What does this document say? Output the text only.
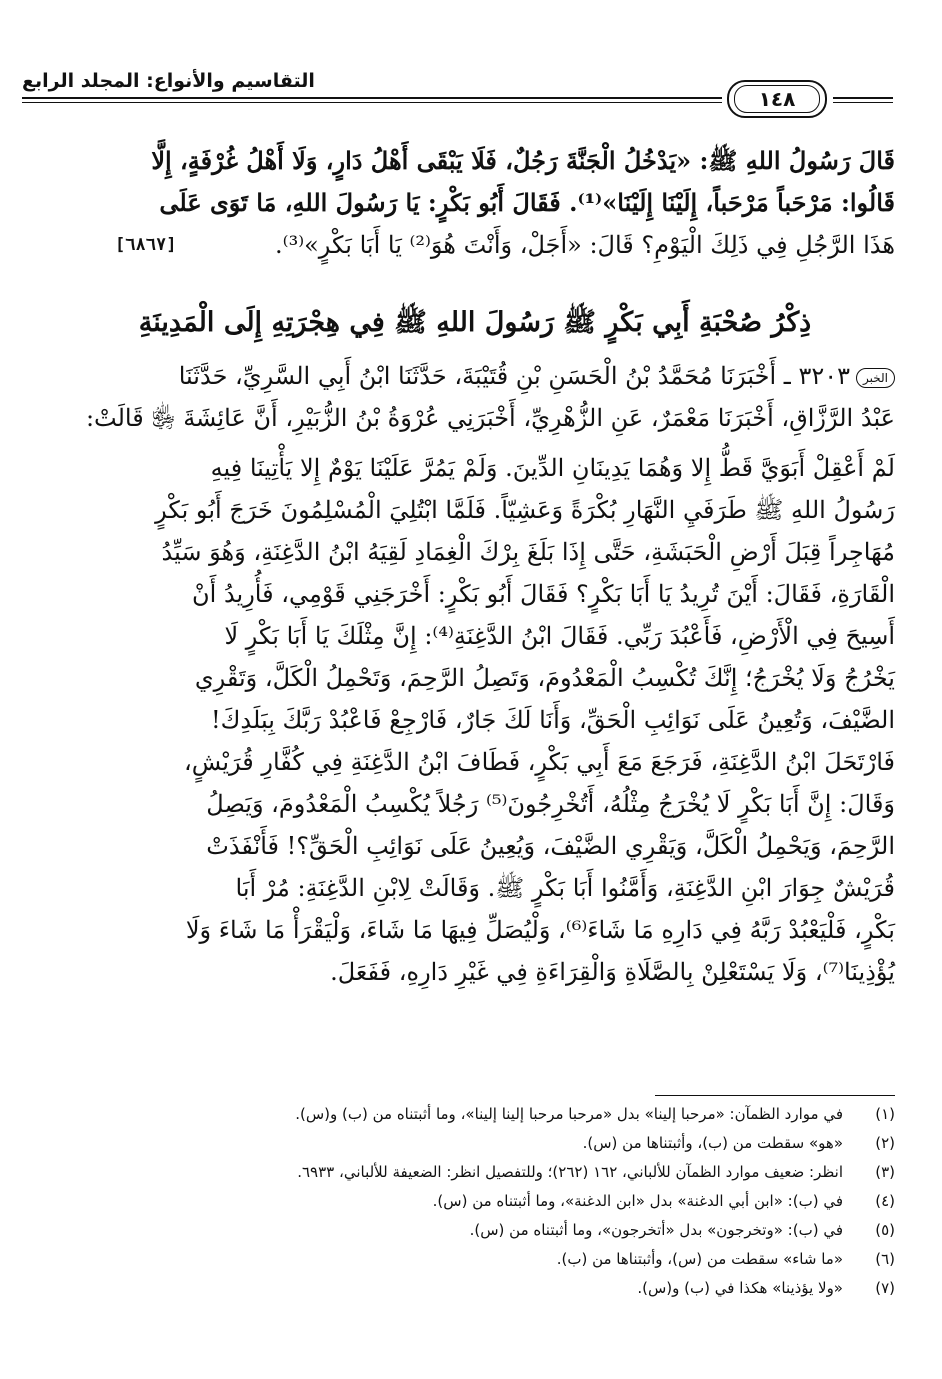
التقاسيم والأنواع: المجلد الرابع
١٤٨
قَالَ رَسُولُ اللهِ ﷺ: «يَدْخُلُ الْجَنَّةَ رَجُلٌ، فَلَا يَبْقَى أَهْلُ دَارٍ، وَلَا أَهْلُ غُرْفَةٍ، إِلَّا
قَالُوا: مَرْحَباً مَرْحَباً، إِلَيْنَا إِلَيْنَا»⁽¹⁾. فَقَالَ أَبُو بَكْرٍ: يَا رَسُولَ اللهِ، مَا تَوَى عَلَى
هَذَا الرَّجُلِ فِي ذَلِكَ الْيَوْمِ؟ قَالَ: «أَجَلْ، وَأَنْتَ هُوَ⁽²⁾ يَا أَبَا بَكْرٍ»⁽³⁾.
[٦٨٦٧]
ذِكْرُ صُحْبَةِ أَبِي بَكْرٍ ﷺ رَسُولَ اللهِ ﷺ فِي هِجْرَتِهِ إِلَى الْمَدِينَةِ
الخبر٣٢٠٣ ـ أَخْبَرَنَا مُحَمَّدُ بْنُ الْحَسَنِ بْنِ قُتَيْبَةَ، حَدَّثَنَا ابْنُ أَبِي السَّرِيِّ، حَدَّثَنَا
عَبْدُ الرَّزَّاقِ، أَخْبَرَنَا مَعْمَرٌ، عَنِ الزُّهْرِيِّ، أَخْبَرَنِي عُرْوَةُ بْنُ الزُّبَيْرِ، أَنَّ عَائِشَةَ ﵂ قَالَتْ:
لَمْ أَعْقِلْ أَبَوَيَّ قَطُّ إِلا وَهُمَا يَدِينَانِ الدِّينَ. وَلَمْ يَمُرَّ عَلَيْنَا يَوْمٌ إِلا يَأْتِينَا فِيهِ
رَسُولُ اللهِ ﷺ طَرَفَيِ النَّهَارِ بُكْرَةً وَعَشِيّاً. فَلَمَّا ابْتُلِيَ الْمُسْلِمُونَ خَرَجَ أَبُو بَكْرٍ
مُهَاجِراً قِبَلَ أَرْضِ الْحَبَشَةِ، حَتَّى إِذَا بَلَغَ بِرْكَ الْغِمَادِ لَقِيَهُ ابْنُ الدَّغِنَةِ، وَهُوَ سَيِّدُ
الْقَارَةِ، فَقَالَ: أَيْنَ تُرِيدُ يَا أَبَا بَكْرٍ؟ فَقَالَ أَبُو بَكْرٍ: أَخْرَجَنِي قَوْمِي، فَأُرِيدُ أَنْ
أَسِيحَ فِي الْأَرْضِ، فَأَعْبُدَ رَبِّي. فَقَالَ ابْنُ الدَّغِنَةِ⁽⁴⁾: إِنَّ مِثْلَكَ يَا أَبَا بَكْرٍ لَا
يَخْرُجُ وَلَا يُخْرَجُ؛ إِنَّكَ تُكْسِبُ الْمَعْدُومَ، وَتَصِلُ الرَّحِمَ، وَتَحْمِلُ الْكَلَّ، وَتَقْرِي
الضَّيْفَ، وَتُعِينُ عَلَى نَوَائِبِ الْحَقِّ، وَأَنَا لَكَ جَارٌ، فَارْجِعْ فَاعْبُدْ رَبَّكَ بِبَلَدِكَ!
فَارْتَحَلَ ابْنُ الدَّغِنَةِ، فَرَجَعَ مَعَ أَبِي بَكْرٍ، فَطَافَ ابْنُ الدَّغِنَةِ فِي كُفَّارِ قُرَيْشٍ،
وَقَالَ: إِنَّ أَبَا بَكْرٍ لَا يُخْرَجُ مِثْلُهُ، أَتُخْرِجُونَ⁽⁵⁾ رَجُلاً يُكْسِبُ الْمَعْدُومَ، وَيَصِلُ
الرَّحِمَ، وَيَحْمِلُ الْكَلَّ، وَيَقْرِي الضَّيْفَ، وَيُعِينُ عَلَى نَوَائِبِ الْحَقِّ؟! فَأَنْفَذَتْ
قُرَيْشٌ جِوَارَ ابْنِ الدَّغِنَةِ، وَأَمَّنُوا أَبَا بَكْرٍ ﷺ. وَقَالَتْ لِابْنِ الدَّغِنَةِ: مُرْ أَبَا
بَكْرٍ، فَلْيَعْبُدْ رَبَّهُ فِي دَارِهِ مَا شَاءَ⁽⁶⁾، وَلْيُصَلِّ فِيهَا مَا شَاءَ، وَلْيَقْرَأْ مَا شَاءَ وَلَا
يُؤْذِينَا⁽⁷⁾، وَلَا يَسْتَعْلِنْ بِالصَّلَاةِ وَالْقِرَاءَةِ فِي غَيْرِ دَارِهِ، فَفَعَلَ.
(١)
في موارد الظمآن: «مرحبا إلينا» بدل «مرحبا مرحبا إلينا إلينا»، وما أثبتناه من (ب) و(س).
(٢)
«هو» سقطت من (ب)، وأثبتناها من (س).
(٣)
انظر: ضعيف موارد الظمآن للألباني، ١٦٢ (٢٦٢)؛ وللتفصيل انظر: الضعيفة للألباني، ٦٩٣٣.
(٤)
في (ب): «ابن أبي الدغنة» بدل «ابن الدغنة»، وما أثبتناه من (س).
(٥)
في (ب): «وتخرجون» بدل «أتخرجون»، وما أثبتناه من (س).
(٦)
«ما شاء» سقطت من (س)، وأثبتناها من (ب).
(٧)
«ولا يؤذينا» هكذا في (ب) و(س).
